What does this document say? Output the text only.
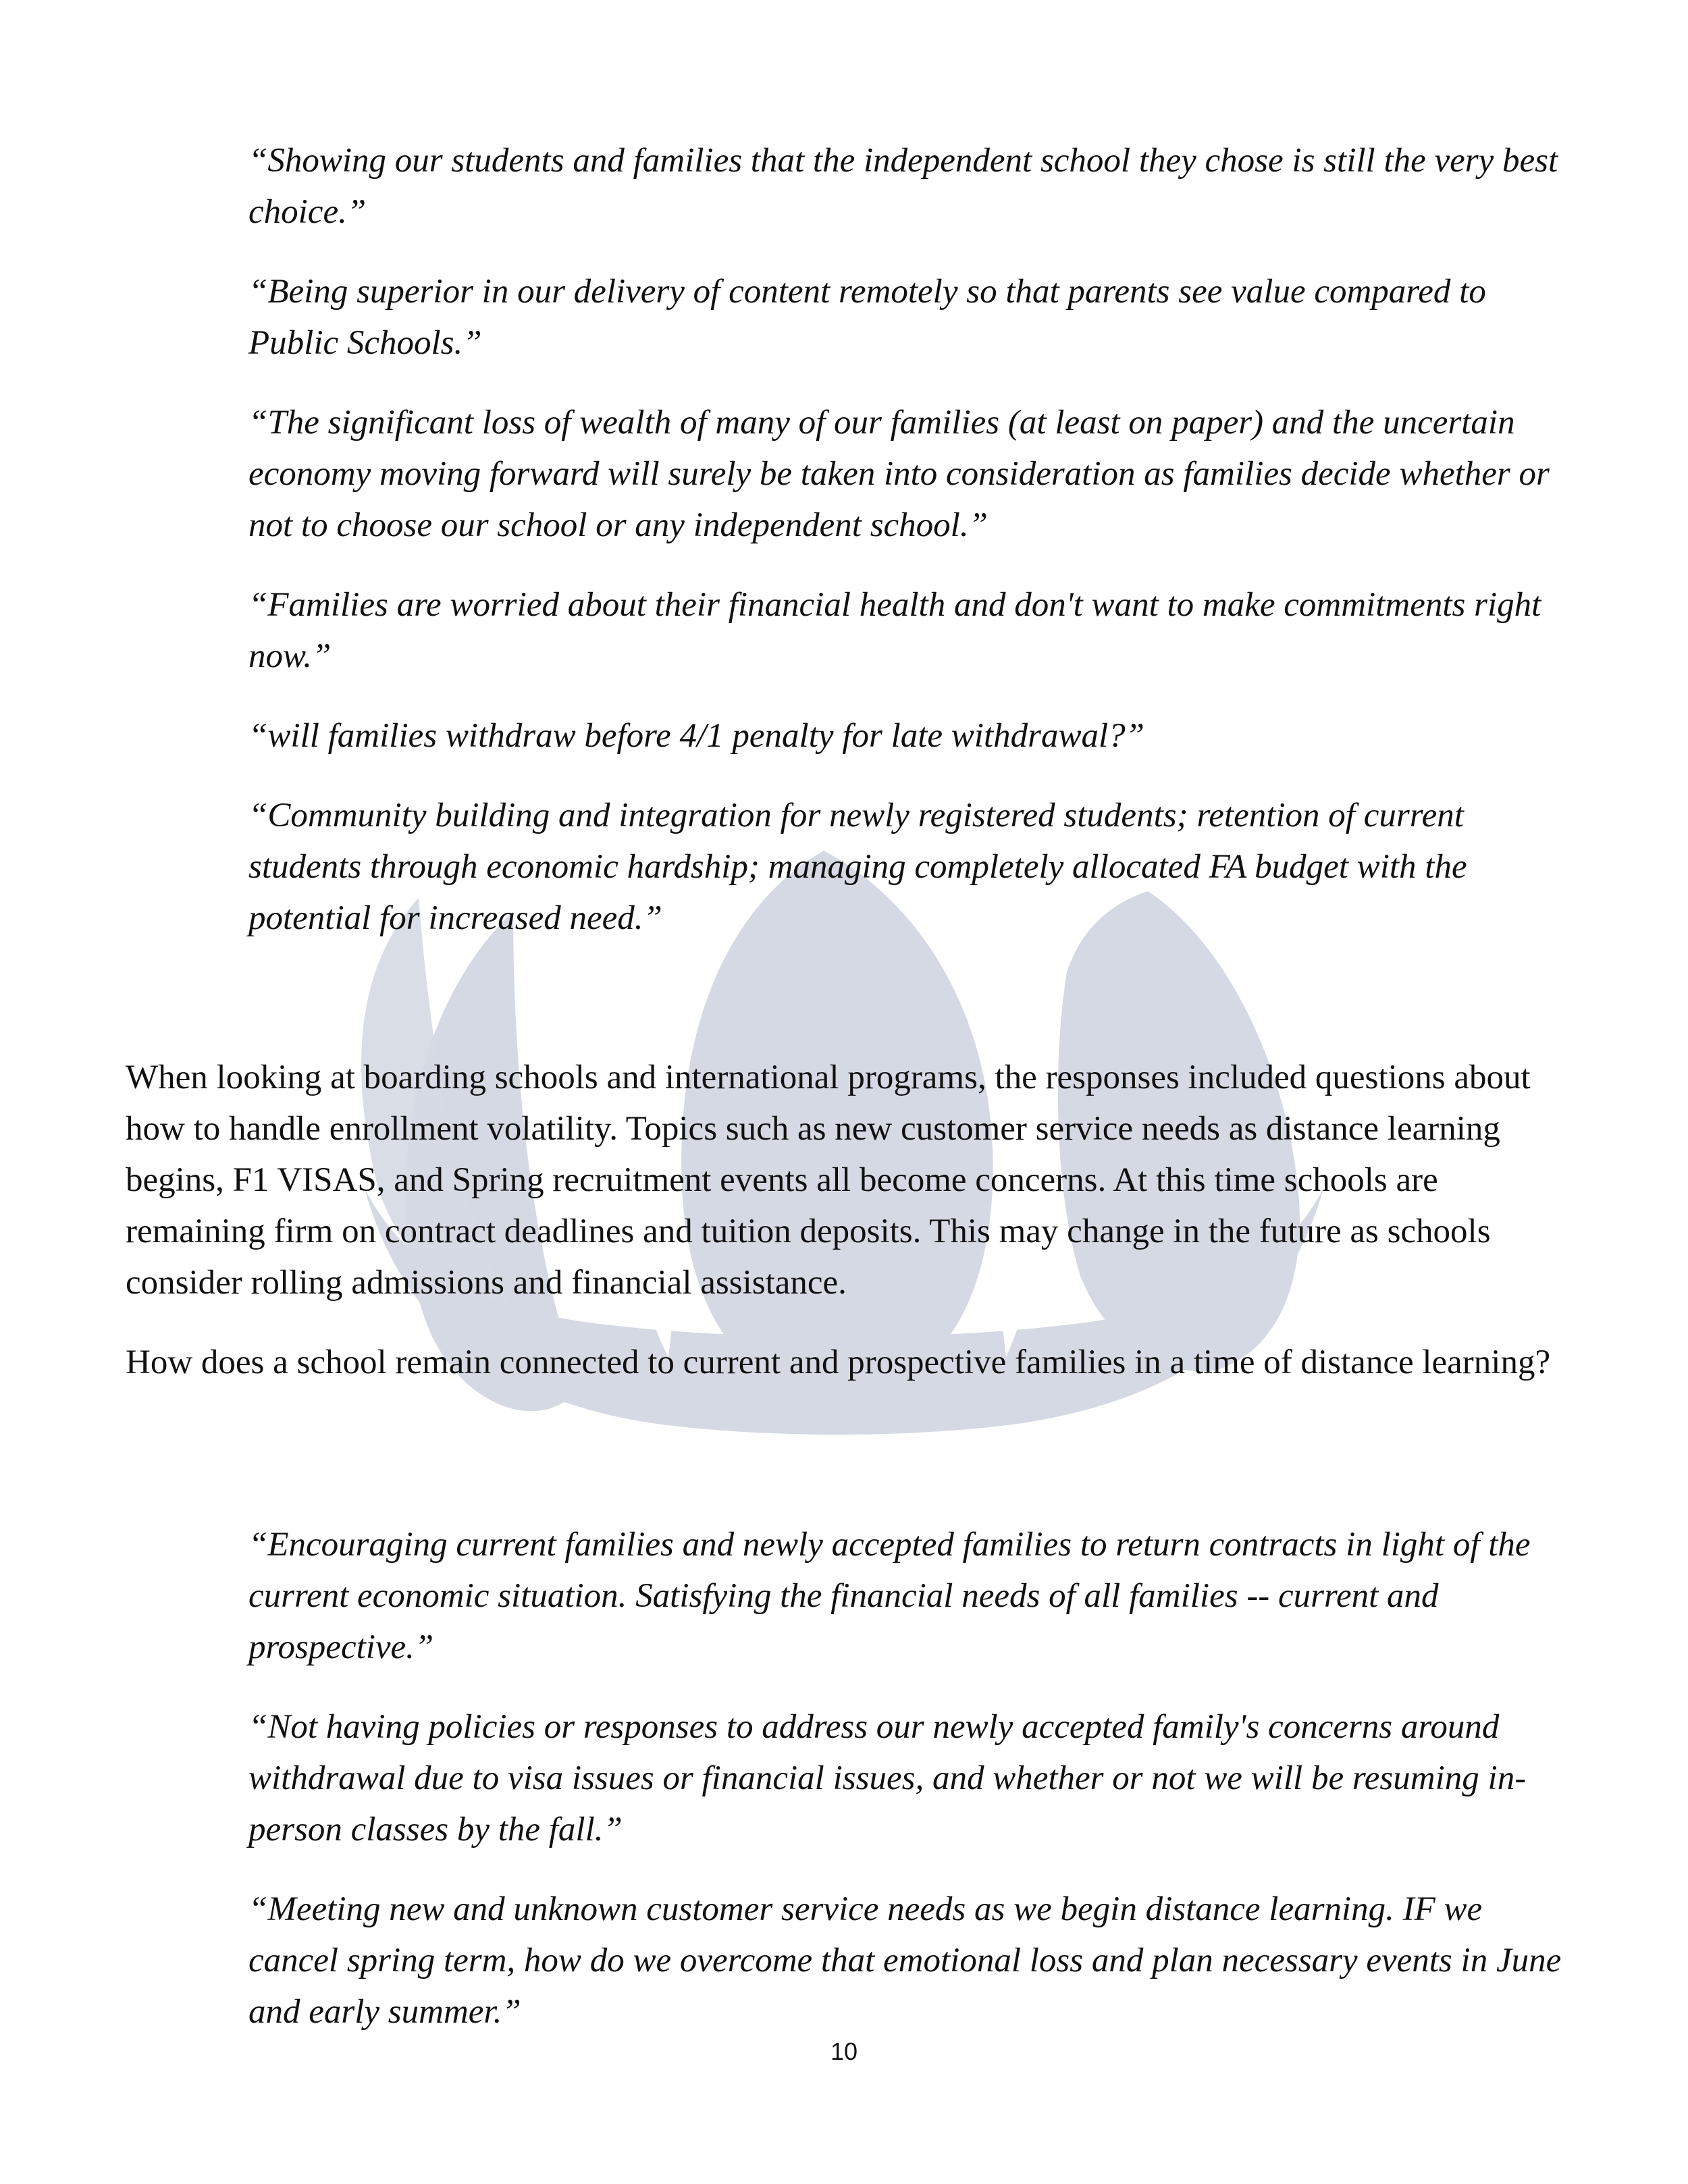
“Showing our students and families that the independent school they chose is still the very best choice.”

“Being superior in our delivery of content remotely so that parents see value compared to Public Schools.”

“The significant loss of wealth of many of our families (at least on paper) and the uncertain economy moving forward will surely be taken into consideration as families decide whether or not to choose our school or any independent school.”

“Families are worried about their financial health and don't want to make commitments right now.”

“will families withdraw before 4/1 penalty for late withdrawal?”

“Community building and integration for newly registered students; retention of current students through economic hardship; managing completely allocated FA budget with the potential for increased need.”

When looking at boarding schools and international programs, the responses included questions about how to handle enrollment volatility. Topics such as new customer service needs as distance learning begins, F1 VISAS, and Spring recruitment events all become concerns. At this time schools are remaining firm on contract deadlines and tuition deposits. This may change in the future as schools consider rolling admissions and financial assistance.

How does a school remain connected to current and prospective families in a time of distance learning?

“Encouraging current families and newly accepted families to return contracts in light of the current economic situation. Satisfying the financial needs of all families -- current and prospective.”

“Not having policies or responses to address our newly accepted family's concerns around withdrawal due to visa issues or financial issues, and whether or not we will be resuming in-person classes by the fall.”

“Meeting new and unknown customer service needs as we begin distance learning. IF we cancel spring term, how do we overcome that emotional loss and plan necessary events in June and early summer.”

10
